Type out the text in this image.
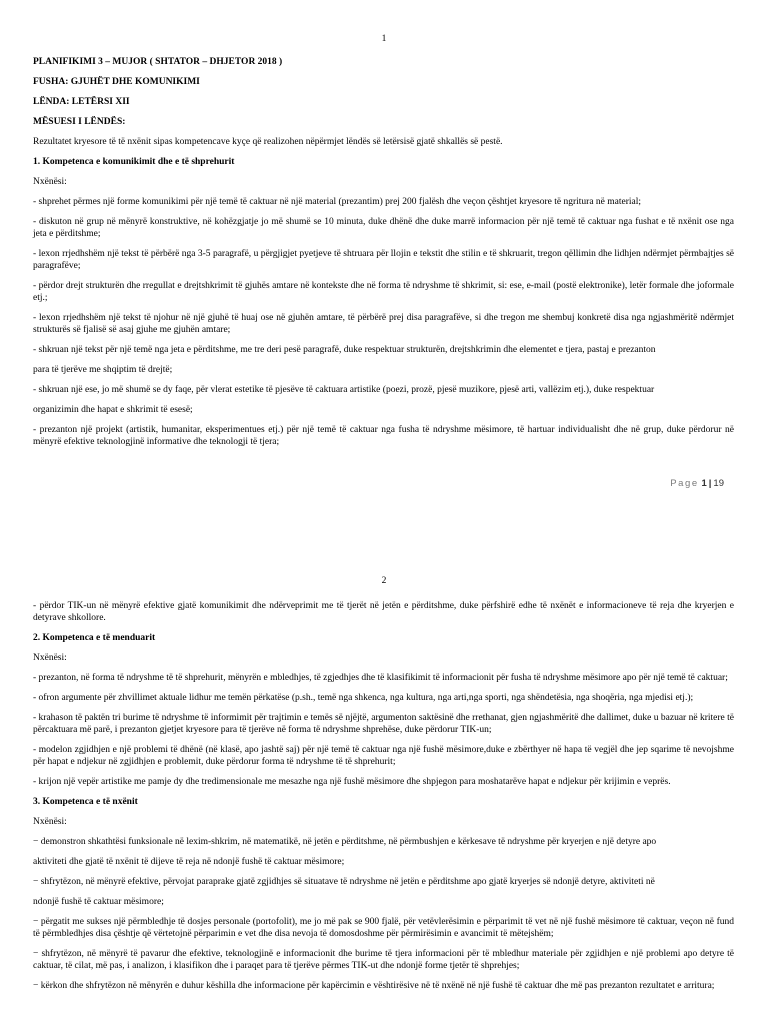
1

PLANIFIKIMI 3 – MUJOR ( SHTATOR – DHJETOR 2018 )

FUSHA: GJUHËT DHE KOMUNIKIMI

LËNDA: LETËRSI XII

MËSUESI I LËNDËS:

Rezultatet kryesore të të nxënit sipas kompetencave kyçe që realizohen nëpërmjet lëndës së letërsisë gjatë shkallës së pestë.

1. Kompetenca e komunikimit dhe e të shprehurit

Nxënësi:

- shprehet përmes një forme komunikimi për një temë të caktuar në një material (prezantim) prej 200 fjalësh dhe veçon çështjet kryesore të ngritura në material;

- diskuton në grup në mënyrë konstruktive, në kohëzgjatje jo më shumë se 10 minuta, duke dhënë dhe duke marrë informacion për një temë të caktuar nga fushat e të nxënit ose nga jeta e përditshme;

- lexon rrjedhshëm një tekst të përbërë nga 3-5 paragrafë, u përgjigjet pyetjeve të shtruara për llojin e tekstit dhe stilin e të shkruarit, tregon qëllimin dhe lidhjen ndërmjet përmbajtjes së paragrafëve;

- përdor drejt strukturën dhe rregullat e drejtshkrimit të gjuhës amtare në kontekste dhe në forma të ndryshme të shkrimit, si: ese, e-mail (postë elektronike), letër formale dhe joformale etj.;

- lexon rrjedhshëm një tekst të njohur në një gjuhë të huaj ose në gjuhën amtare, të përbërë prej disa paragrafëve, si dhe tregon me shembuj konkretë disa nga ngjashmëritë ndërmjet strukturës së fjalisë së asaj gjuhe me gjuhën amtare;

- shkruan një tekst për një temë nga jeta e përditshme, me tre deri pesë paragrafë, duke respektuar strukturën, drejtshkrimin dhe elementet e tjera, pastaj e prezanton

para të tjerëve me shqiptim të drejtë;

- shkruan një ese, jo më shumë se dy faqe, për vlerat estetike të pjesëve të caktuara artistike (poezi, prozë, pjesë muzikore, pjesë arti, vallëzim etj.), duke respektuar

organizimin dhe hapat e shkrimit të esesë;

- prezanton një projekt (artistik, humanitar, eksperimentues etj.) për një temë të caktuar nga fusha të ndryshme mësimore, të hartuar individualisht dhe në grup, duke përdorur në mënyrë efektive teknologjinë informative dhe teknologji të tjera;

Page 1 | 19
2

- përdor TIK-un në mënyrë efektive gjatë komunikimit dhe ndërveprimit me të tjerët në jetën e përditshme, duke përfshirë edhe të nxënët e informacioneve të reja dhe kryerjen e detyrave shkollore.

2. Kompetenca e të menduarit

Nxënësi:

- prezanton, në forma të ndryshme të të shprehurit, mënyrën e mbledhjes, të zgjedhjes dhe të klasifikimit të informacionit për fusha të ndryshme mësimore apo për një temë të caktuar;

- ofron argumente për zhvillimet aktuale lidhur me temën përkatëse (p.sh., temë nga shkenca, nga kultura, nga arti,nga sporti, nga shëndetësia, nga shoqëria, nga mjedisi etj.);

- krahason të paktën tri burime të ndryshme të informimit për trajtimin e temës së njëjtë, argumenton saktësinë dhe rrethanat, gjen ngjashmëritë dhe dallimet, duke u bazuar në kritere të përcaktuara më parë, i prezanton gjetjet kryesore para të tjerëve në forma të ndryshme shprehëse, duke përdorur TIK-un;

- modelon zgjidhjen e një problemi të dhënë (në klasë, apo jashtë saj) për një temë të caktuar nga një fushë mësimore,duke e zbërthyer në hapa të vegjël dhe jep sqarime të nevojshme për hapat e ndjekur në zgjidhjen e problemit, duke përdorur forma të ndryshme të të shprehurit;

- krijon një vepër artistike me pamje dy dhe tredimensionale me mesazhe nga një fushë mësimore dhe shpjegon para moshatarëve hapat e ndjekur për krijimin e veprës.

3. Kompetenca e të nxënit

Nxënësi:

− demonstron shkathtësi funksionale në lexim-shkrim, në matematikë, në jetën e përditshme, në përmbushjen e kërkesave të ndryshme për kryerjen e një detyre apo

aktiviteti dhe gjatë të nxënit të dijeve të reja në ndonjë fushë të caktuar mësimore;

− shfrytëzon, në mënyrë efektive, përvojat paraprake gjatë zgjidhjes së situatave të ndryshme në jetën e përditshme apo gjatë kryerjes së ndonjë detyre, aktiviteti në

ndonjë fushë të caktuar mësimore;

− përgatit me sukses një përmbledhje të dosjes personale (portofolit), me jo më pak se 900 fjalë, për vetëvlerësimin e përparimit të vet në një fushë mësimore të caktuar, veçon në fund të përmbledhjes disa çështje që vërtetojnë përparimin e vet dhe disa nevoja të domosdoshme për përmirësimin e avancimit të mëtejshëm;

− shfrytëzon, në mënyrë të pavarur dhe efektive, teknologjinë e informacionit dhe burime të tjera informacioni për të mbledhur materiale për zgjidhjen e një problemi apo detyre të caktuar, të cilat, më pas, i analizon, i klasifikon dhe i paraqet para të tjerëve përmes TIK-ut dhe ndonjë forme tjetër të shprehjes;

− kërkon dhe shfrytëzon në mënyrën e duhur këshilla dhe informacione për kapërcimin e vështirësive në të nxënë në një fushë të caktuar dhe më pas prezanton rezultatet e arritura;
